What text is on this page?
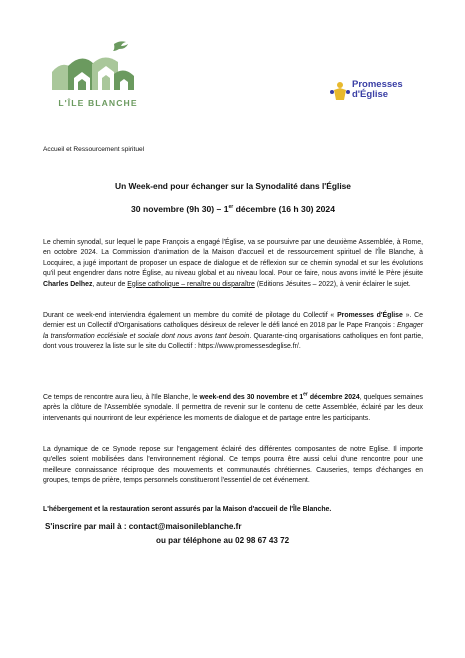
L'ÎLE BLANCHE
Accueil et Ressourcement spirituel
Promesses
d'Église
Un Week-end pour échanger sur la Synodalité dans l'Église
30 novembre (9h 30) – 1er décembre (16 h 30) 2024
Le chemin synodal, sur lequel le pape François a engagé l'Église, va se poursuivre par une deuxième Assemblée, à Rome, en octobre 2024. La Commission d'animation de la Maison d'accueil et de ressourcement spirituel de l'Île Blanche, à Locquirec, a jugé important de proposer un espace de dialogue et de réflexion sur ce chemin synodal et sur les évolutions qu'il peut engendrer dans notre Église, au niveau global et au niveau local. Pour ce faire, nous avons invité le Père jésuite Charles Delhez, auteur de Eglise catholique – renaître ou disparaître (Editions Jésuites – 2022), à venir éclairer le sujet.
Durant ce week-end interviendra également un membre du comité de pilotage du Collectif « Promesses d'Église ». Ce dernier est un Collectif d'Organisations catholiques désireux de relever le défi lancé en 2018 par le Pape François : Engager la transformation ecclésiale et sociale dont nous avons tant besoin. Quarante-cinq organisations catholiques en font partie, dont vous trouverez la liste sur le site du Collectif : https://www.promessesdeglise.fr/.
Ce temps de rencontre aura lieu, à l'Ile Blanche, le week-end des 30 novembre et 1er décembre 2024, quelques semaines après la clôture de l'Assemblée synodale. Il permettra de revenir sur le contenu de cette Assemblée, éclairé par les deux intervenants qui nourriront de leur expérience les moments de dialogue et de partage entre les participants.
La dynamique de ce Synode repose sur l'engagement éclairé des différentes composantes de notre Eglise. Il importe qu'elles soient mobilisées dans l'environnement régional. Ce temps pourra être aussi celui d'une rencontre pour une meilleure connaissance réciproque des mouvements et communautés chrétiennes. Causeries, temps d'échanges en groupes, temps de prière, temps personnels constitueront l'essentiel de cet événement.
L'hébergement et la restauration seront assurés par la Maison d'accueil de l'Île Blanche.
S'inscrire par mail à : contact@maisonileblanche.fr
ou par téléphone au 02 98 67 43 72
